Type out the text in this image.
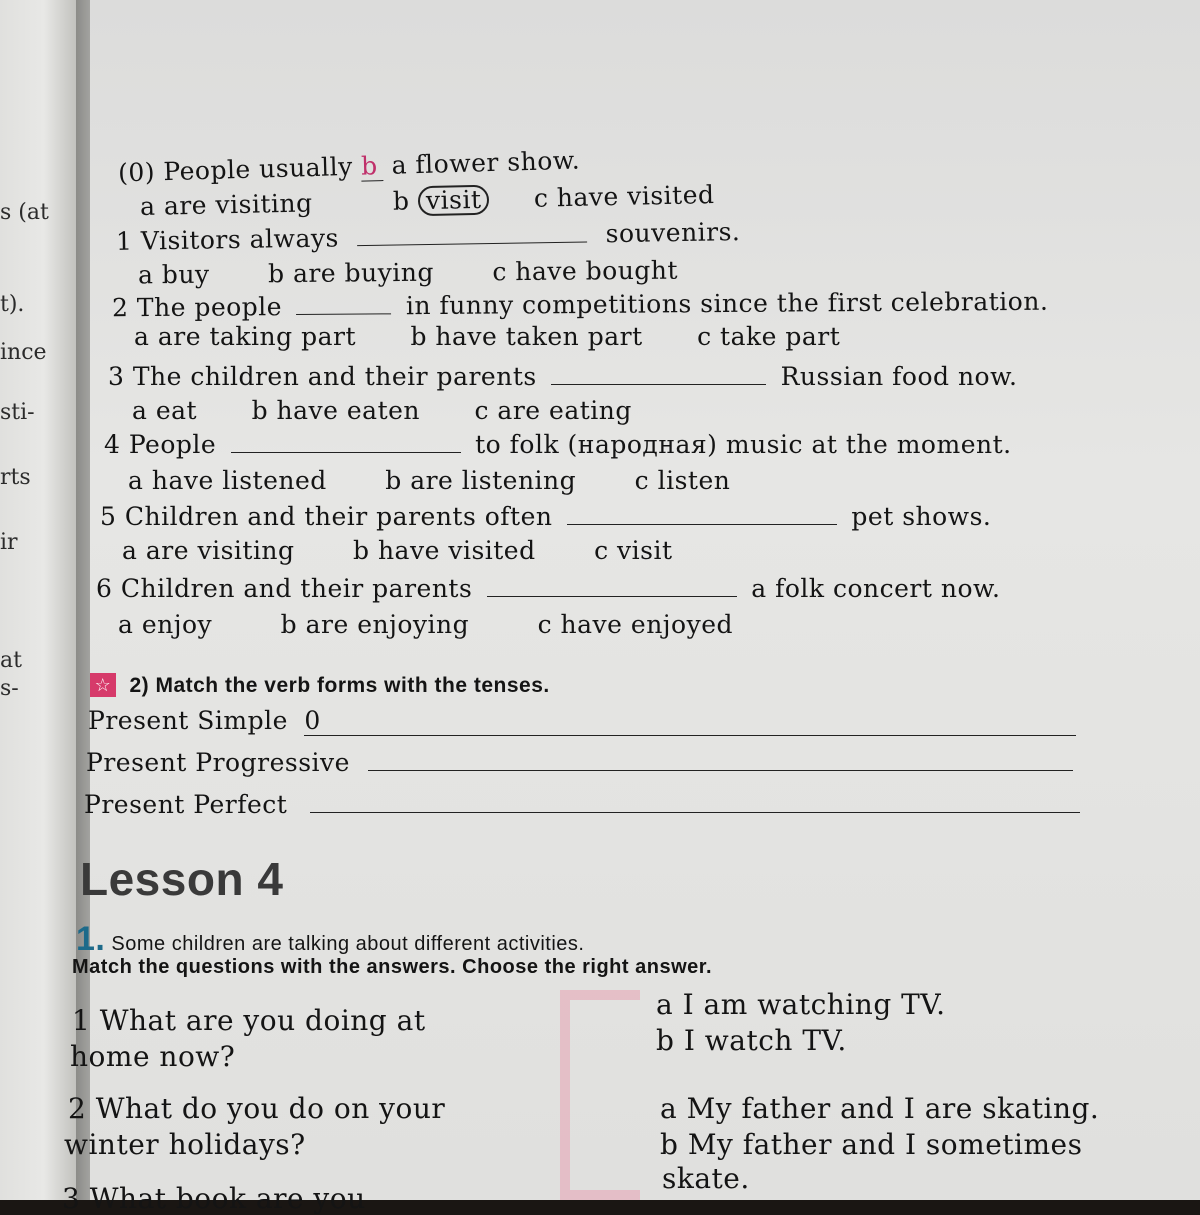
s (at
t).
ince
sti-
rts
ir
at
s-
(0) People usually b a flower show.
a are visiting	b visit c have visited
1 Visitors always	souvenirs.
a buy b are buying c have bought
2 The people	in funny competitions since the first celebration.
a are taking part b have taken part c take part
3 The children and their parents	Russian food now.
a eat b have eaten c are eating
4 People	to folk (народная) music at the moment.
a have listened b are listening c listen
5 Children and their parents often	pet shows.
a are visiting b have visited c visit
6 Children and their parents	a folk concert now.
a enjoy	b are enjoying	c have enjoyed
☆ 2) Match the verb forms with the tenses.
Present Simple 0
Present Progressive
Present Perfect
Lesson 4
1. Some children are talking about different activities.
Match the questions with the answers. Choose the right answer.
1 What are you doing at
home now?
a I am watching TV.
b I watch TV.
2 What do you do on your
winter holidays?
a My father and I are skating.
b My father and I sometimes
skate.
3 What book are you
